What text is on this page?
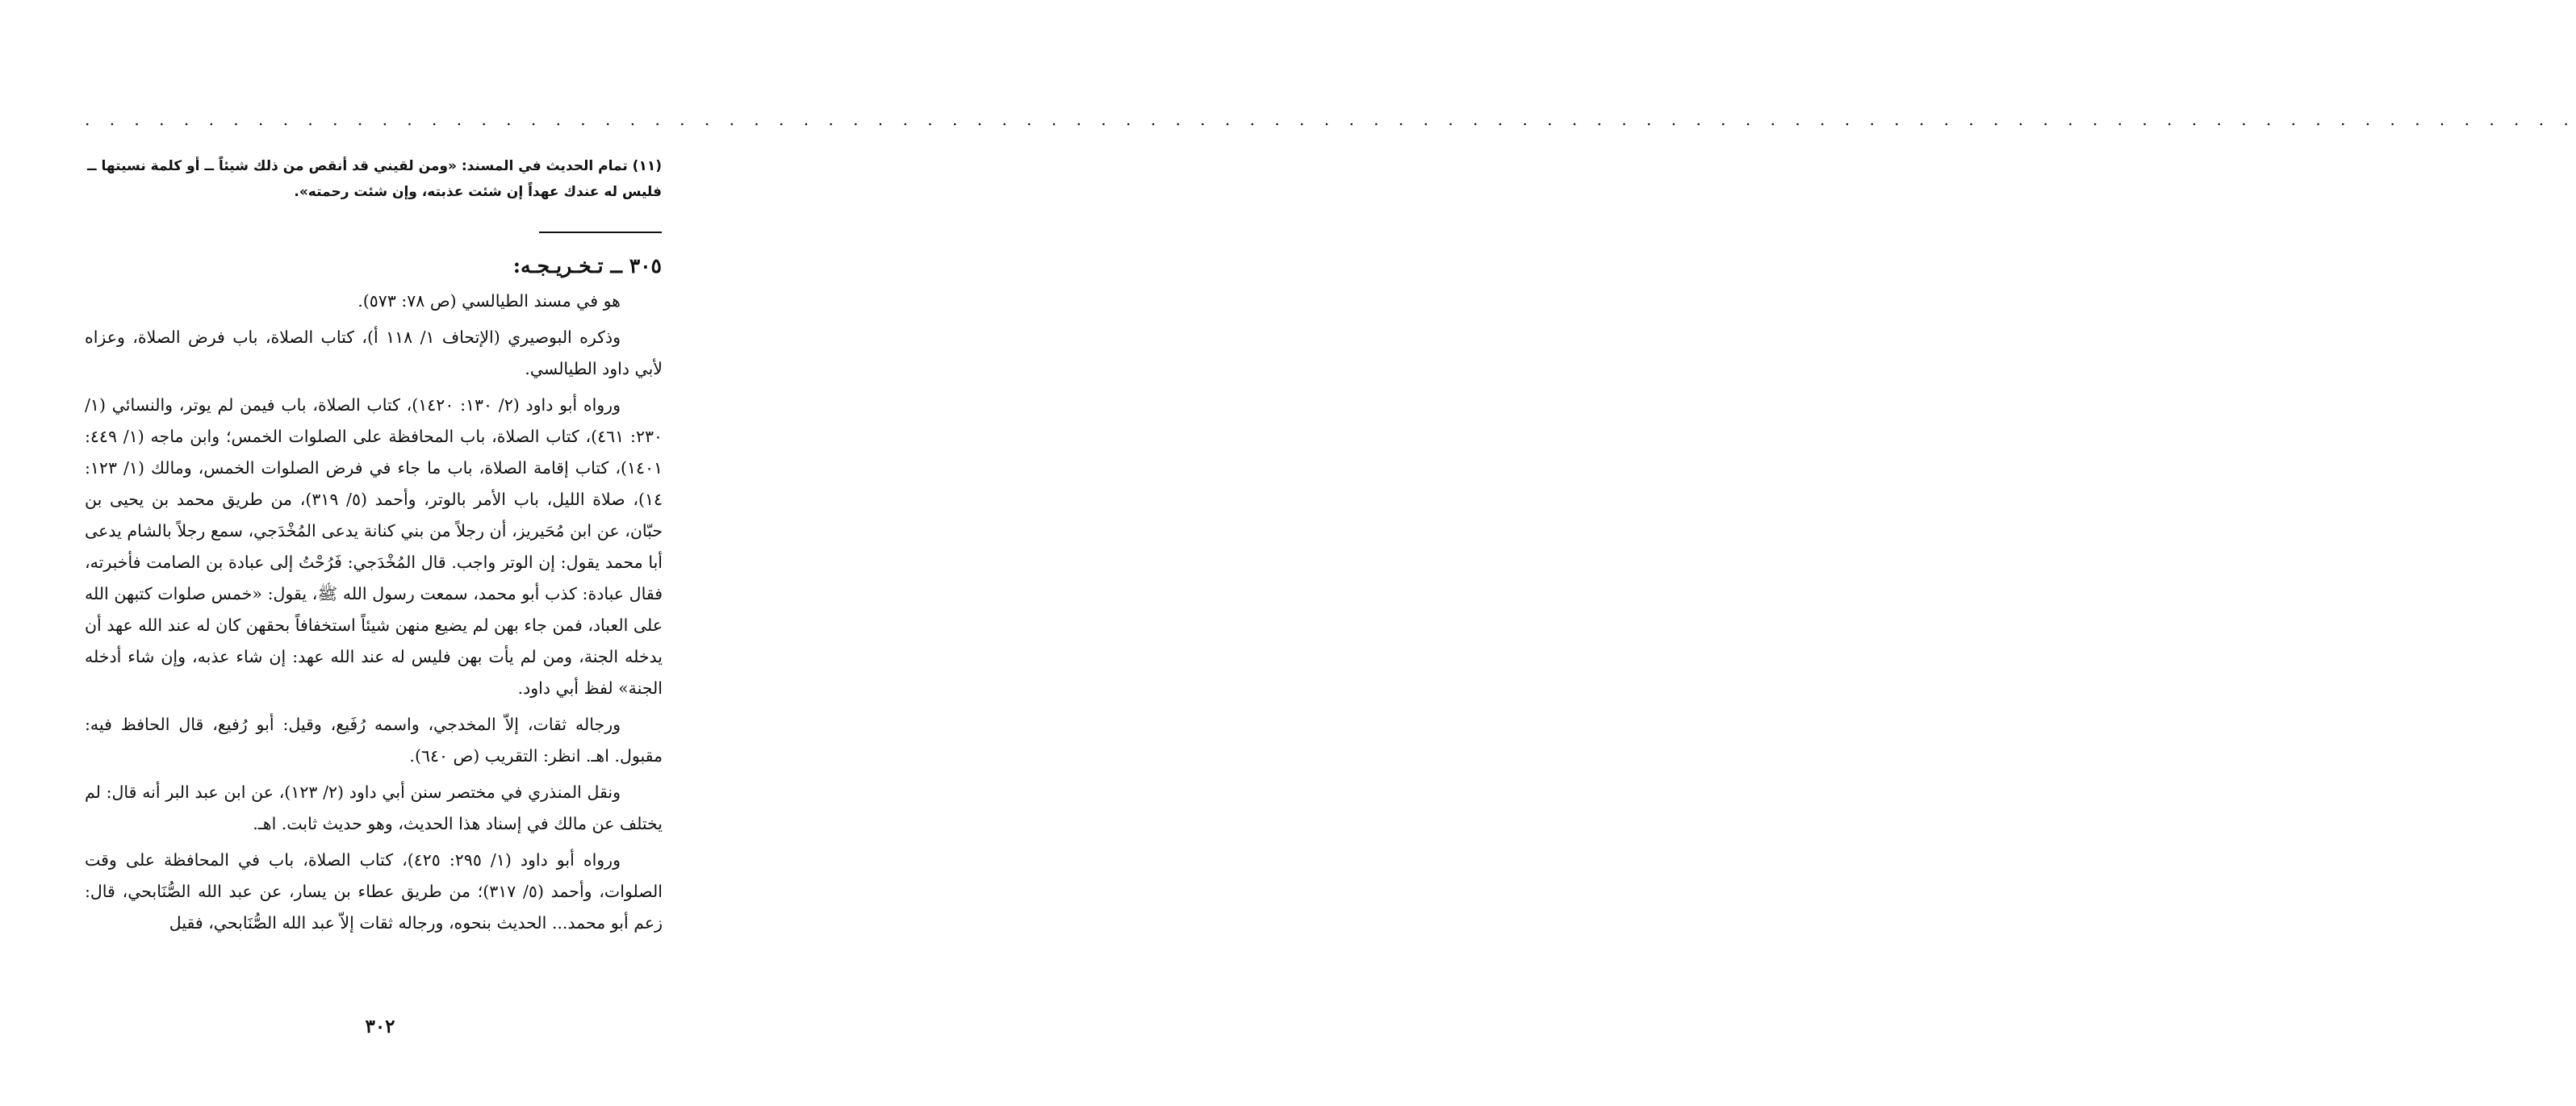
. . . . . . . . . . . . . . . . . . . . . . . . . . . . . . . . . . . . . . . . . . . . . . . . . . . . . . . . . . . . . . . . . . . . . . . . . . . . . . . . . . . . . . . . . . . . . . . . . . . . .
(١١) تمام الحديث في المسند: «ومن لقيني قد أنقص من ذلك شيئاً ــ أو كلمة نسيتها ــ فليس له عندك عهداً إن شئت عذبته، وإن شئت رحمته».
٣٠٥ ــ تـخـريـجـه:

هو في مسند الطيالسي (ص ٧٨: ٥٧٣).

وذكره البوصيري (الإتحاف ١/ ١١٨ أ)، كتاب الصلاة، باب فرض الصلاة، وعزاه لأبي داود الطيالسي.

ورواه أبو داود (٢/ ١٣٠: ١٤٢٠)، كتاب الصلاة، باب فيمن لم يوتر، والنسائي (١/ ٢٣٠: ٤٦١)، كتاب الصلاة، باب المحافظة على الصلوات الخمس؛ وابن ماجه (١/ ٤٤٩: ١٤٠١)، كتاب إقامة الصلاة، باب ما جاء في فرض الصلوات الخمس، ومالك (١/ ١٢٣: ١٤)، صلاة الليل، باب الأمر بالوتر، وأحمد (٥/ ٣١٩)، من طريق محمد بن يحيى بن حبّان، عن ابن مُحَيريز، أن رجلاً من بني كنانة يدعى المُخْدَجي، سمع رجلاً بالشام يدعى أبا محمد يقول: إن الوتر واجب. قال المُخْدَجي: فَرُحْتُ إلى عبادة بن الصامت فأخبرته، فقال عبادة: كذب أبو محمد، سمعت رسول الله ﷺ، يقول: «خمس صلوات كتبهن الله على العباد، فمن جاء بهن لم يضيع منهن شيئاً استخفافاً بحقهن كان له عند الله عهد أن يدخله الجنة، ومن لم يأت بهن فليس له عند الله عهد: إن شاء عذبه، وإن شاء أدخله الجنة» لفظ أبي داود.

ورجاله ثقات، إلاّ المخدجي، واسمه رُفَيع، وقيل: أبو رُفيع، قال الحافظ فيه: مقبول. اهـ. انظر: التقريب (ص ٦٤٠).

ونقل المنذري في مختصر سنن أبي داود (٢/ ١٢٣)، عن ابن عبد البر أنه قال: لم يختلف عن مالك في إسناد هذا الحديث، وهو حديث ثابت. اهـ.

ورواه أبو داود (١/ ٢٩٥: ٤٢٥)، كتاب الصلاة، باب في المحافظة على وقت الصلوات، وأحمد (٥/ ٣١٧)؛ من طريق عطاء بن يسار، عن عبد الله الصُّنَابحي، قال: زعم أبو محمد... الحديث بنحوه، ورجاله ثقات إلاّ عبد الله الصُّنَابحي، فقيل

٣٠٢
